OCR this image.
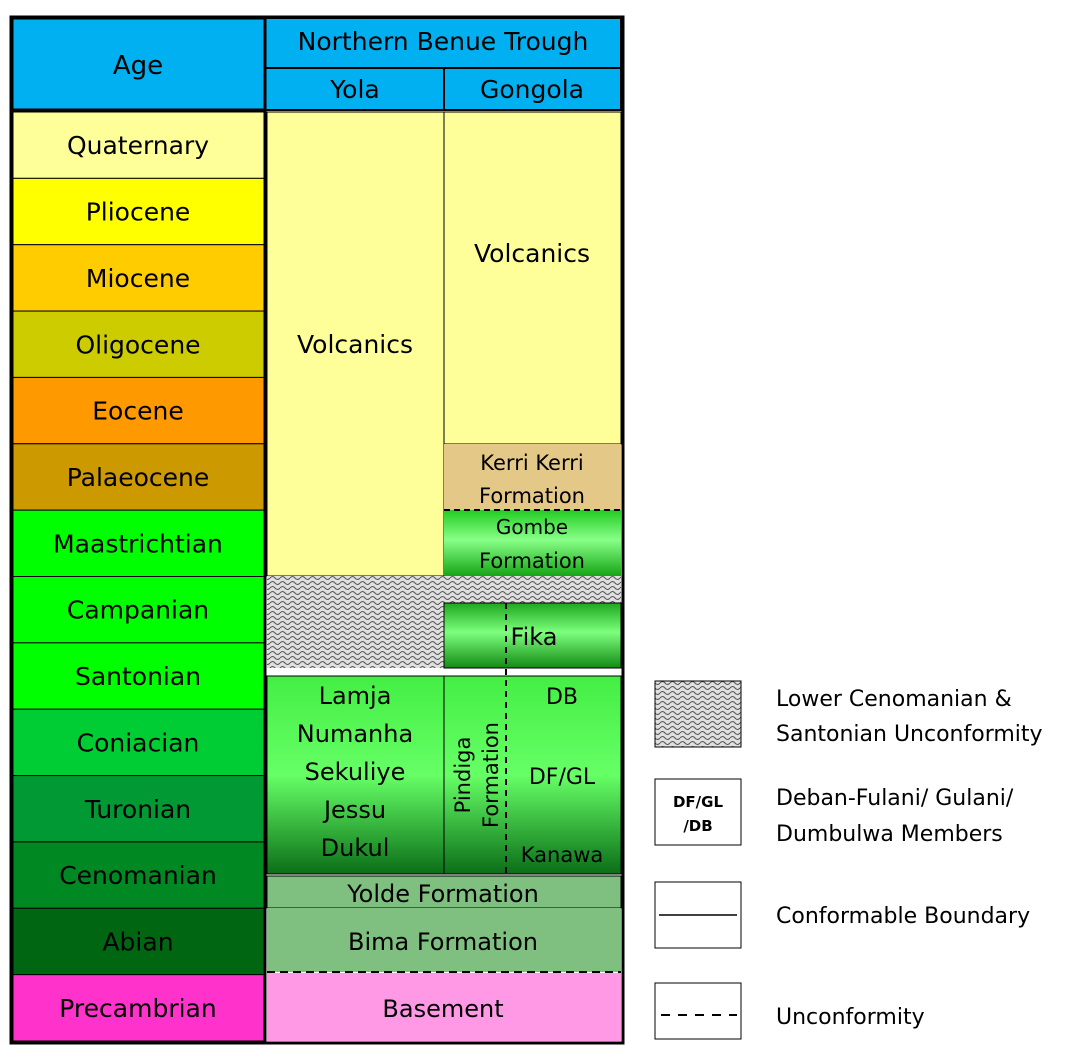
Age
Northern Benue Trough
Yola	Gongola
Quaternary
Pliocene
Miocene
Oligocene
Eocene
Palaeocene
Maastrichtian
Campanian
Santonian
Coniacian
Turonian
Cenomanian
Abian
Precambrian
Volcanics
Volcanics
Kerri Kerri
Formation
Gombe
Formation
Fika
Lamja
Numanha
Sekuliye
Jessu
Dukul
Pindiga Formation
DB
DF/GL
Kanawa
Yolde Formation
Bima Formation
Basement
Lower Cenomanian &
Santonian Unconformity
DF/GL
/DB
Deban-Fulani/ Gulani/
Dumbulwa Members
Conformable Boundary
Unconformity
